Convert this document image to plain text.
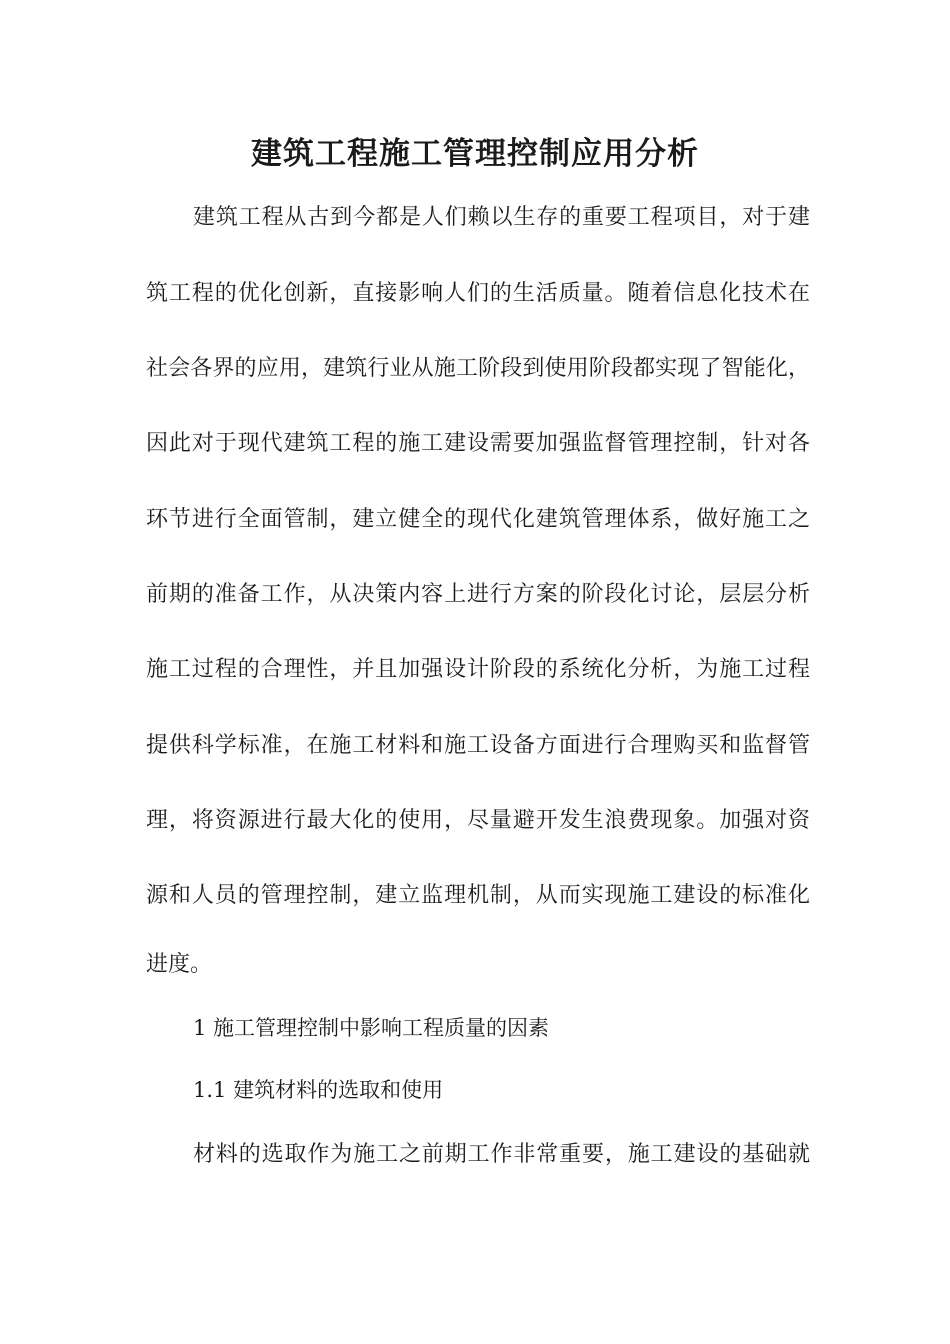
建筑工程施工管理控制应用分析
建筑工程从古到今都是人们赖以生存的重要工程项目，对于建
筑工程的优化创新，直接影响人们的生活质量。随着信息化技术在
社会各界的应用，建筑行业从施工阶段到使用阶段都实现了智能化，
因此对于现代建筑工程的施工建设需要加强监督管理控制，针对各
环节进行全面管制，建立健全的现代化建筑管理体系，做好施工之
前期的准备工作，从决策内容上进行方案的阶段化讨论，层层分析
施工过程的合理性，并且加强设计阶段的系统化分析，为施工过程
提供科学标准，在施工材料和施工设备方面进行合理购买和监督管
理，将资源进行最大化的使用，尽量避开发生浪费现象。加强对资
源和人员的管理控制，建立监理机制，从而实现施工建设的标准化
进度。
1 施工管理控制中影响工程质量的因素
1.1 建筑材料的选取和使用
材料的选取作为施工之前期工作非常重要，施工建设的基础就
